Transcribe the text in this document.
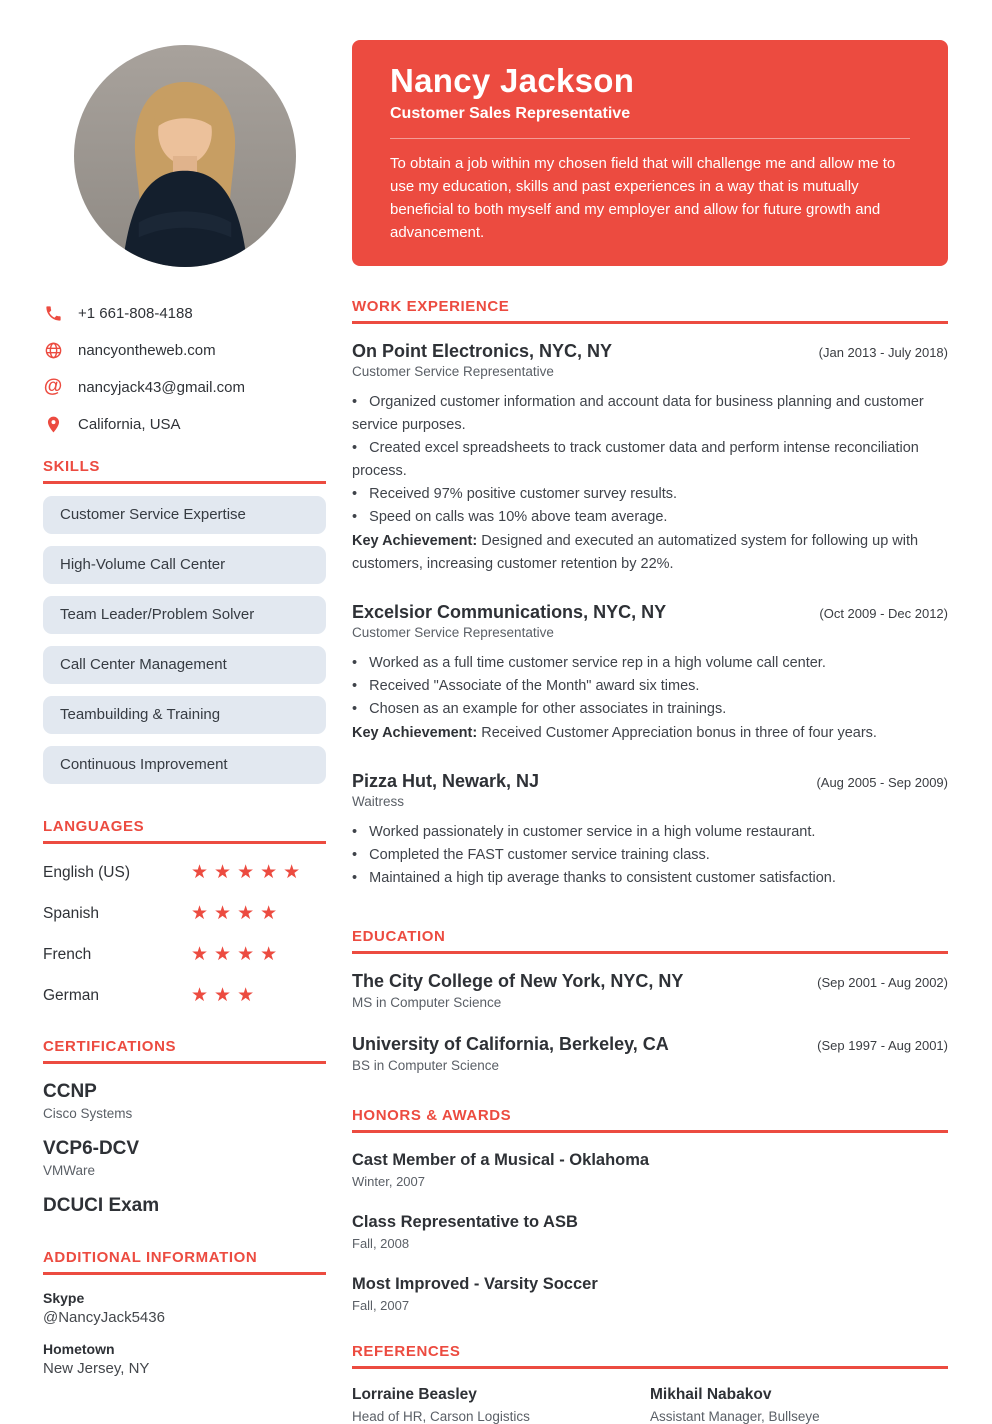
+1 661-808-4188
nancyontheweb.com
@ nancyjack43@gmail.com
California, USA
SKILLS
Customer Service Expertise
High-Volume Call Center
Team Leader/Problem Solver
Call Center Management
Teambuilding & Training
Continuous Improvement
LANGUAGES
English (US)	★★★★★
Spanish	★★★★
French	★★★★
German	★★★
CERTIFICATIONS
CCNP
Cisco Systems
VCP6-DCV
VMWare
DCUCI Exam
ADDITIONAL INFORMATION
Skype
@NancyJack5436
Hometown
New Jersey, NY
Nancy Jackson
Customer Sales Representative

To obtain a job within my chosen field that will challenge me and allow me to use my education, skills and past experiences in a way that is mutually beneficial to both myself and my employer and allow for future growth and advancement.

WORK EXPERIENCE
On Point Electronics, NYC, NY	(Jan 2013 - July 2018)
Customer Service Representative

•   Organized customer information and account data for business planning and customer service purposes.

•   Created excel spreadsheets to track customer data and perform intense reconciliation process.

•   Received 97% positive customer survey results.

•   Speed on calls was 10% above team average.

Key Achievement: Designed and executed an automatized system for following up with customers, increasing customer retention by 22%.

Excelsior Communications, NYC, NY	(Oct 2009 - Dec 2012)
Customer Service Representative

•   Worked as a full time customer service rep in a high volume call center.

•   Received "Associate of the Month" award six times.

•   Chosen as an example for other associates in trainings.

Key Achievement: Received Customer Appreciation bonus in three of four years.

Pizza Hut, Newark, NJ	(Aug 2005 - Sep 2009)
Waitress

•   Worked passionately in customer service in a high volume restaurant.

•   Completed the FAST customer service training class.

•   Maintained a high tip average thanks to consistent customer satisfaction.

EDUCATION
The City College of New York, NYC, NY	(Sep 2001 - Aug 2002)
MS in Computer Science
University of California, Berkeley, CA	(Sep 1997 - Aug 2001)
BS in Computer Science
HONORS & AWARDS
Cast Member of a Musical - Oklahoma
Winter, 2007
Class Representative to ASB
Fall, 2008
Most Improved - Varsity Soccer
Fall, 2007
REFERENCES
Lorraine Beasley
Head of HR, Carson Logistics
Mikhail Nabakov
Assistant Manager, Bullseye
